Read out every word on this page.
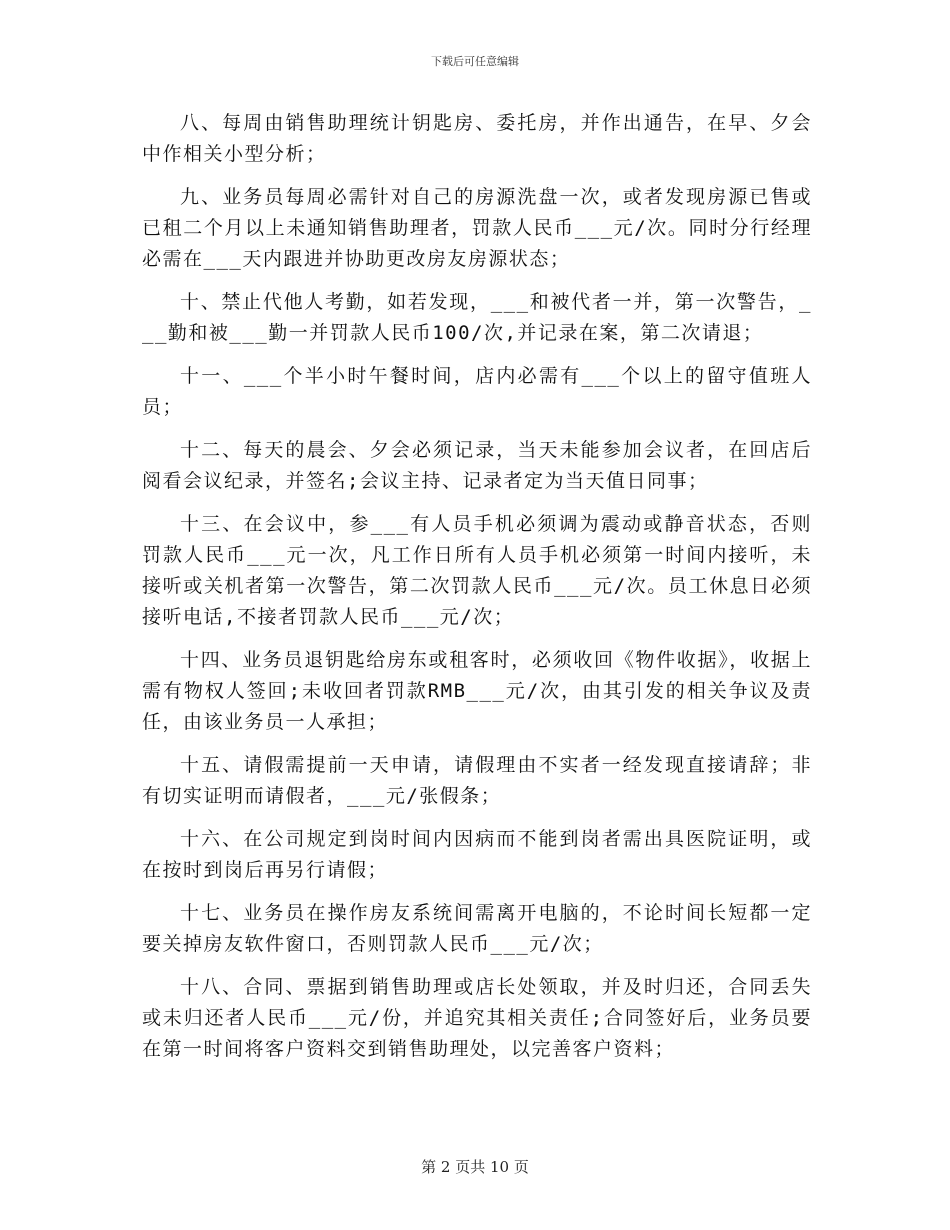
下载后可任意编辑

八、每周由销售助理统计钥匙房、委托房，并作出通告，在早、夕会中作相关小型分析；

九、业务员每周必需针对自己的房源洗盘一次，或者发现房源已售或已租二个月以上未通知销售助理者，罚款人民币___元/次。同时分行经理必需在___天内跟进并协助更改房友房源状态；

十、禁止代他人考勤，如若发现，___和被代者一并，第一次警告，___勤和被___勤一并罚款人民币100/次,并记录在案，第二次请退；

十一、___个半小时午餐时间，店内必需有___个以上的留守值班人员；

十二、每天的晨会、夕会必须记录，当天未能参加会议者，在回店后阅看会议纪录，并签名;会议主持、记录者定为当天值日同事；

十三、在会议中，参___有人员手机必须调为震动或静音状态，否则罚款人民币___元一次，凡工作日所有人员手机必须第一时间内接听，未接听或关机者第一次警告，第二次罚款人民币___元/次。员工休息日必须接听电话,不接者罚款人民币___元/次；

十四、业务员退钥匙给房东或租客时，必须收回《物件收据》，收据上需有物权人签回;未收回者罚款RMB___元/次，由其引发的相关争议及责任，由该业务员一人承担；

十五、请假需提前一天申请，请假理由不实者一经发现直接请辞；非有切实证明而请假者，___元/张假条；

十六、在公司规定到岗时间内因病而不能到岗者需出具医院证明，或在按时到岗后再另行请假；

十七、业务员在操作房友系统间需离开电脑的，不论时间长短都一定要关掉房友软件窗口，否则罚款人民币___元/次；

十八、合同、票据到销售助理或店长处领取，并及时归还，合同丢失或未归还者人民币___元/份，并追究其相关责任;合同签好后，业务员要在第一时间将客户资料交到销售助理处，以完善客户资料；

第 2 页共 10 页
